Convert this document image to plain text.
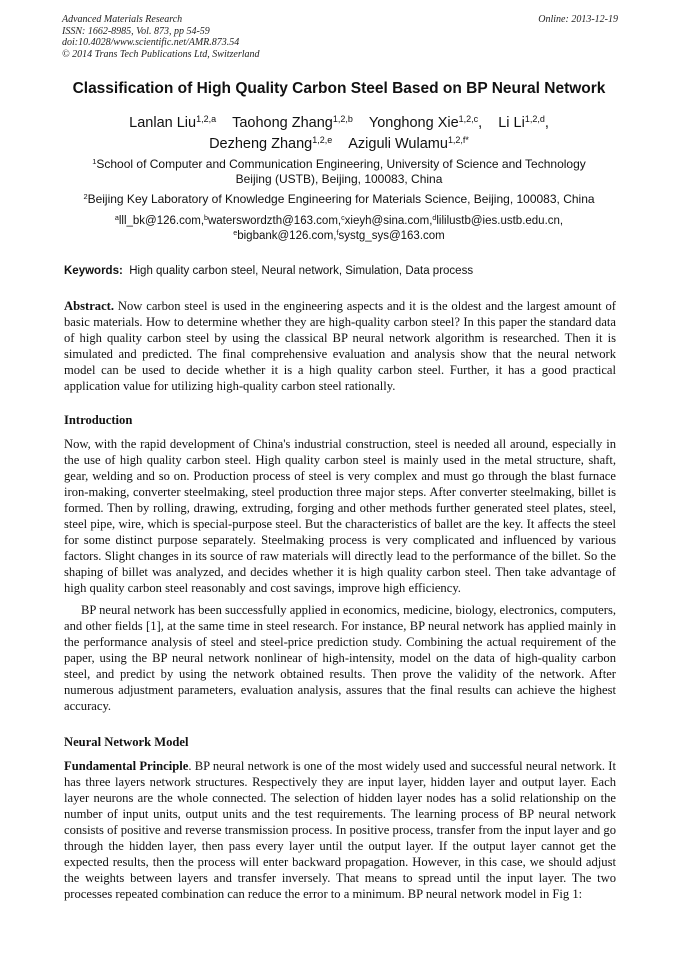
Advanced Materials Research
ISSN: 1662-8985, Vol. 873, pp 54-59
doi:10.4028/www.scientific.net/AMR.873.54
© 2014 Trans Tech Publications Ltd, Switzerland
Online: 2013-12-19
Classification of High Quality Carbon Steel Based on BP Neural Network
Lanlan Liu$^{1,2,a}$ Taohong Zhang$^{1,2,b}$ Yonghong Xie$^{1,2,c}$, Li Li$^{1,2,d}$,
Dezheng Zhang$^{1,2,e}$ Aziguli Wulamu$^{1,2,f*}$
$^1$School of Computer and Communication Engineering, University of Science and Technology
Beijing (USTB), Beijing, 100083, China
$^2$Beijing Key Laboratory of Knowledge Engineering for Materials Science, Beijing, 100083, China
$^a$lll_bk@126.com,$^b$waterswordzth@163.com,$^c$xieyh@sina.com,$^d$lililustb@ies.ustb.edu.cn,
$^e$bigbank@126.com,$^f$systg_sys@163.com
Keywords: High quality carbon steel, Neural network, Simulation, Data process

Abstract. Now carbon steel is used in the engineering aspects and it is the oldest and the largest amount of basic materials. How to determine whether they are high-quality carbon steel? In this paper the standard data of high quality carbon steel by using the classical BP neural network algorithm is researched. Then it is simulated and predicted. The final comprehensive evaluation and analysis show that the neural network model can be used to decide whether it is a high quality carbon steel. Further, it has a good practical application value for utilizing high-quality carbon steel rationally.

Introduction

Now, with the rapid development of China's industrial construction, steel is needed all around, especially in the use of high quality carbon steel. High quality carbon steel is mainly used in the metal structure, shaft, gear, welding and so on. Production process of steel is very complex and must go through the blast furnace iron-making, converter steelmaking, steel production three major steps. After converter steelmaking, billet is formed. Then by rolling, drawing, extruding, forging and other methods further generated steel plates, steel, steel pipe, wire, which is special-purpose steel. But the characteristics of ballet are the key. It affects the steel for some distinct purpose separately. Steelmaking process is very complicated and influenced by various factors. Slight changes in its source of raw materials will directly lead to the performance of the billet. So the shaping of billet was analyzed, and decides whether it is high quality carbon steel. Then take advantage of high quality carbon steel reasonably and cost savings, improve high efficiency.

BP neural network has been successfully applied in economics, medicine, biology, electronics, computers, and other fields [1], at the same time in steel research. For instance, BP neural network has applied mainly in the performance analysis of steel and steel-price prediction study. Combining the actual requirement of the paper, using the BP neural network nonlinear of high-intensity, model on the data of high-quality carbon steel, and predict by using the network obtained results. Then prove the validity of the network. After numerous adjustment parameters, evaluation analysis, assures that the final results can achieve the highest accuracy.

Neural Network Model

Fundamental Principle. BP neural network is one of the most widely used and successful neural network. It has three layers network structures. Respectively they are input layer, hidden layer and output layer. Each layer neurons are the whole connected. The selection of hidden layer nodes has a solid relationship on the number of input units, output units and the test requirements. The learning process of BP neural network consists of positive and reverse transmission process. In positive process, transfer from the input layer and go through the hidden layer, then pass every layer until the output layer. If the output layer cannot get the expected results, then the process will enter backward propagation. However, in this case, we should adjust the weights between layers and transfer inversely. That means to spread until the input layer. The two processes repeated combination can reduce the error to a minimum. BP neural network model in Fig 1:
